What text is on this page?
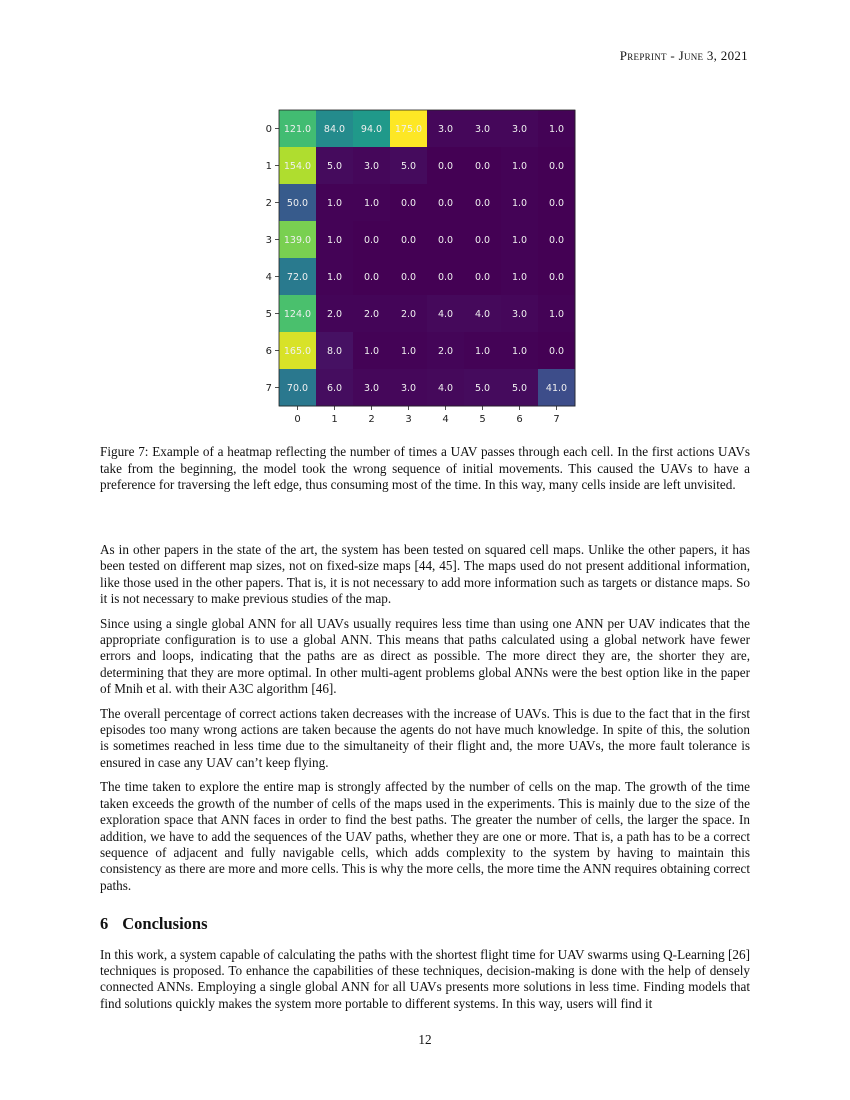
Preprint - June 3, 2021
121.0 84.0 94.0 175.0 3.0 3.0 3.0 1.0
154.0 5.0 3.0 5.0 0.0 0.0 1.0 0.0
50.0 1.0 1.0 0.0 0.0 0.0 1.0 0.0
139.0 1.0 0.0 0.0 0.0 0.0 1.0 0.0
72.0 1.0 0.0 0.0 0.0 0.0 1.0 0.0
124.0 2.0 2.0 2.0 4.0 4.0 3.0 1.0
165.0 8.0 1.0 1.0 2.0 1.0 1.0 0.0
70.0 6.0 3.0 3.0 4.0 5.0 5.0 41.0
0
1
2
3
4
5
6
7
0	1	2	3	4	5	6	7
Figure 7: Example of a heatmap reflecting the number of times a UAV passes through each cell. In the first actions UAVs take from the beginning, the model took the wrong sequence of initial movements. This caused the UAVs to have a preference for traversing the left edge, thus consuming most of the time. In this way, many cells inside are left unvisited.

As in other papers in the state of the art, the system has been tested on squared cell maps. Unlike the other papers, it has been tested on different map sizes, not on fixed-size maps [44, 45]. The maps used do not present additional information, like those used in the other papers. That is, it is not necessary to add more information such as targets or distance maps. So it is not necessary to make previous studies of the map.

Since using a single global ANN for all UAVs usually requires less time than using one ANN per UAV indicates that the appropriate configuration is to use a global ANN. This means that paths calculated using a global network have fewer errors and loops, indicating that the paths are as direct as possible. The more direct they are, the shorter they are, determining that they are more optimal. In other multi-agent problems global ANNs were the best option like in the paper of Mnih et al. with their A3C algorithm [46].

The overall percentage of correct actions taken decreases with the increase of UAVs. This is due to the fact that in the first episodes too many wrong actions are taken because the agents do not have much knowledge. In spite of this, the solution is sometimes reached in less time due to the simultaneity of their flight and, the more UAVs, the more fault tolerance is ensured in case any UAV can’t keep flying.

The time taken to explore the entire map is strongly affected by the number of cells on the map. The growth of the time taken exceeds the growth of the number of cells of the maps used in the experiments. This is mainly due to the size of the exploration space that ANN faces in order to find the best paths. The greater the number of cells, the larger the space. In addition, we have to add the sequences of the UAV paths, whether they are one or more. That is, a path has to be a correct sequence of adjacent and fully navigable cells, which adds complexity to the system by having to maintain this consistency as there are more and more cells. This is why the more cells, the more time the ANN requires obtaining correct paths.

6 Conclusions

In this work, a system capable of calculating the paths with the shortest flight time for UAV swarms using Q-Learning [26] techniques is proposed. To enhance the capabilities of these techniques, decision-making is done with the help of densely connected ANNs. Employing a single global ANN for all UAVs presents more solutions in less time. Finding models that find solutions quickly makes the system more portable to different systems. In this way, users will find it

12
